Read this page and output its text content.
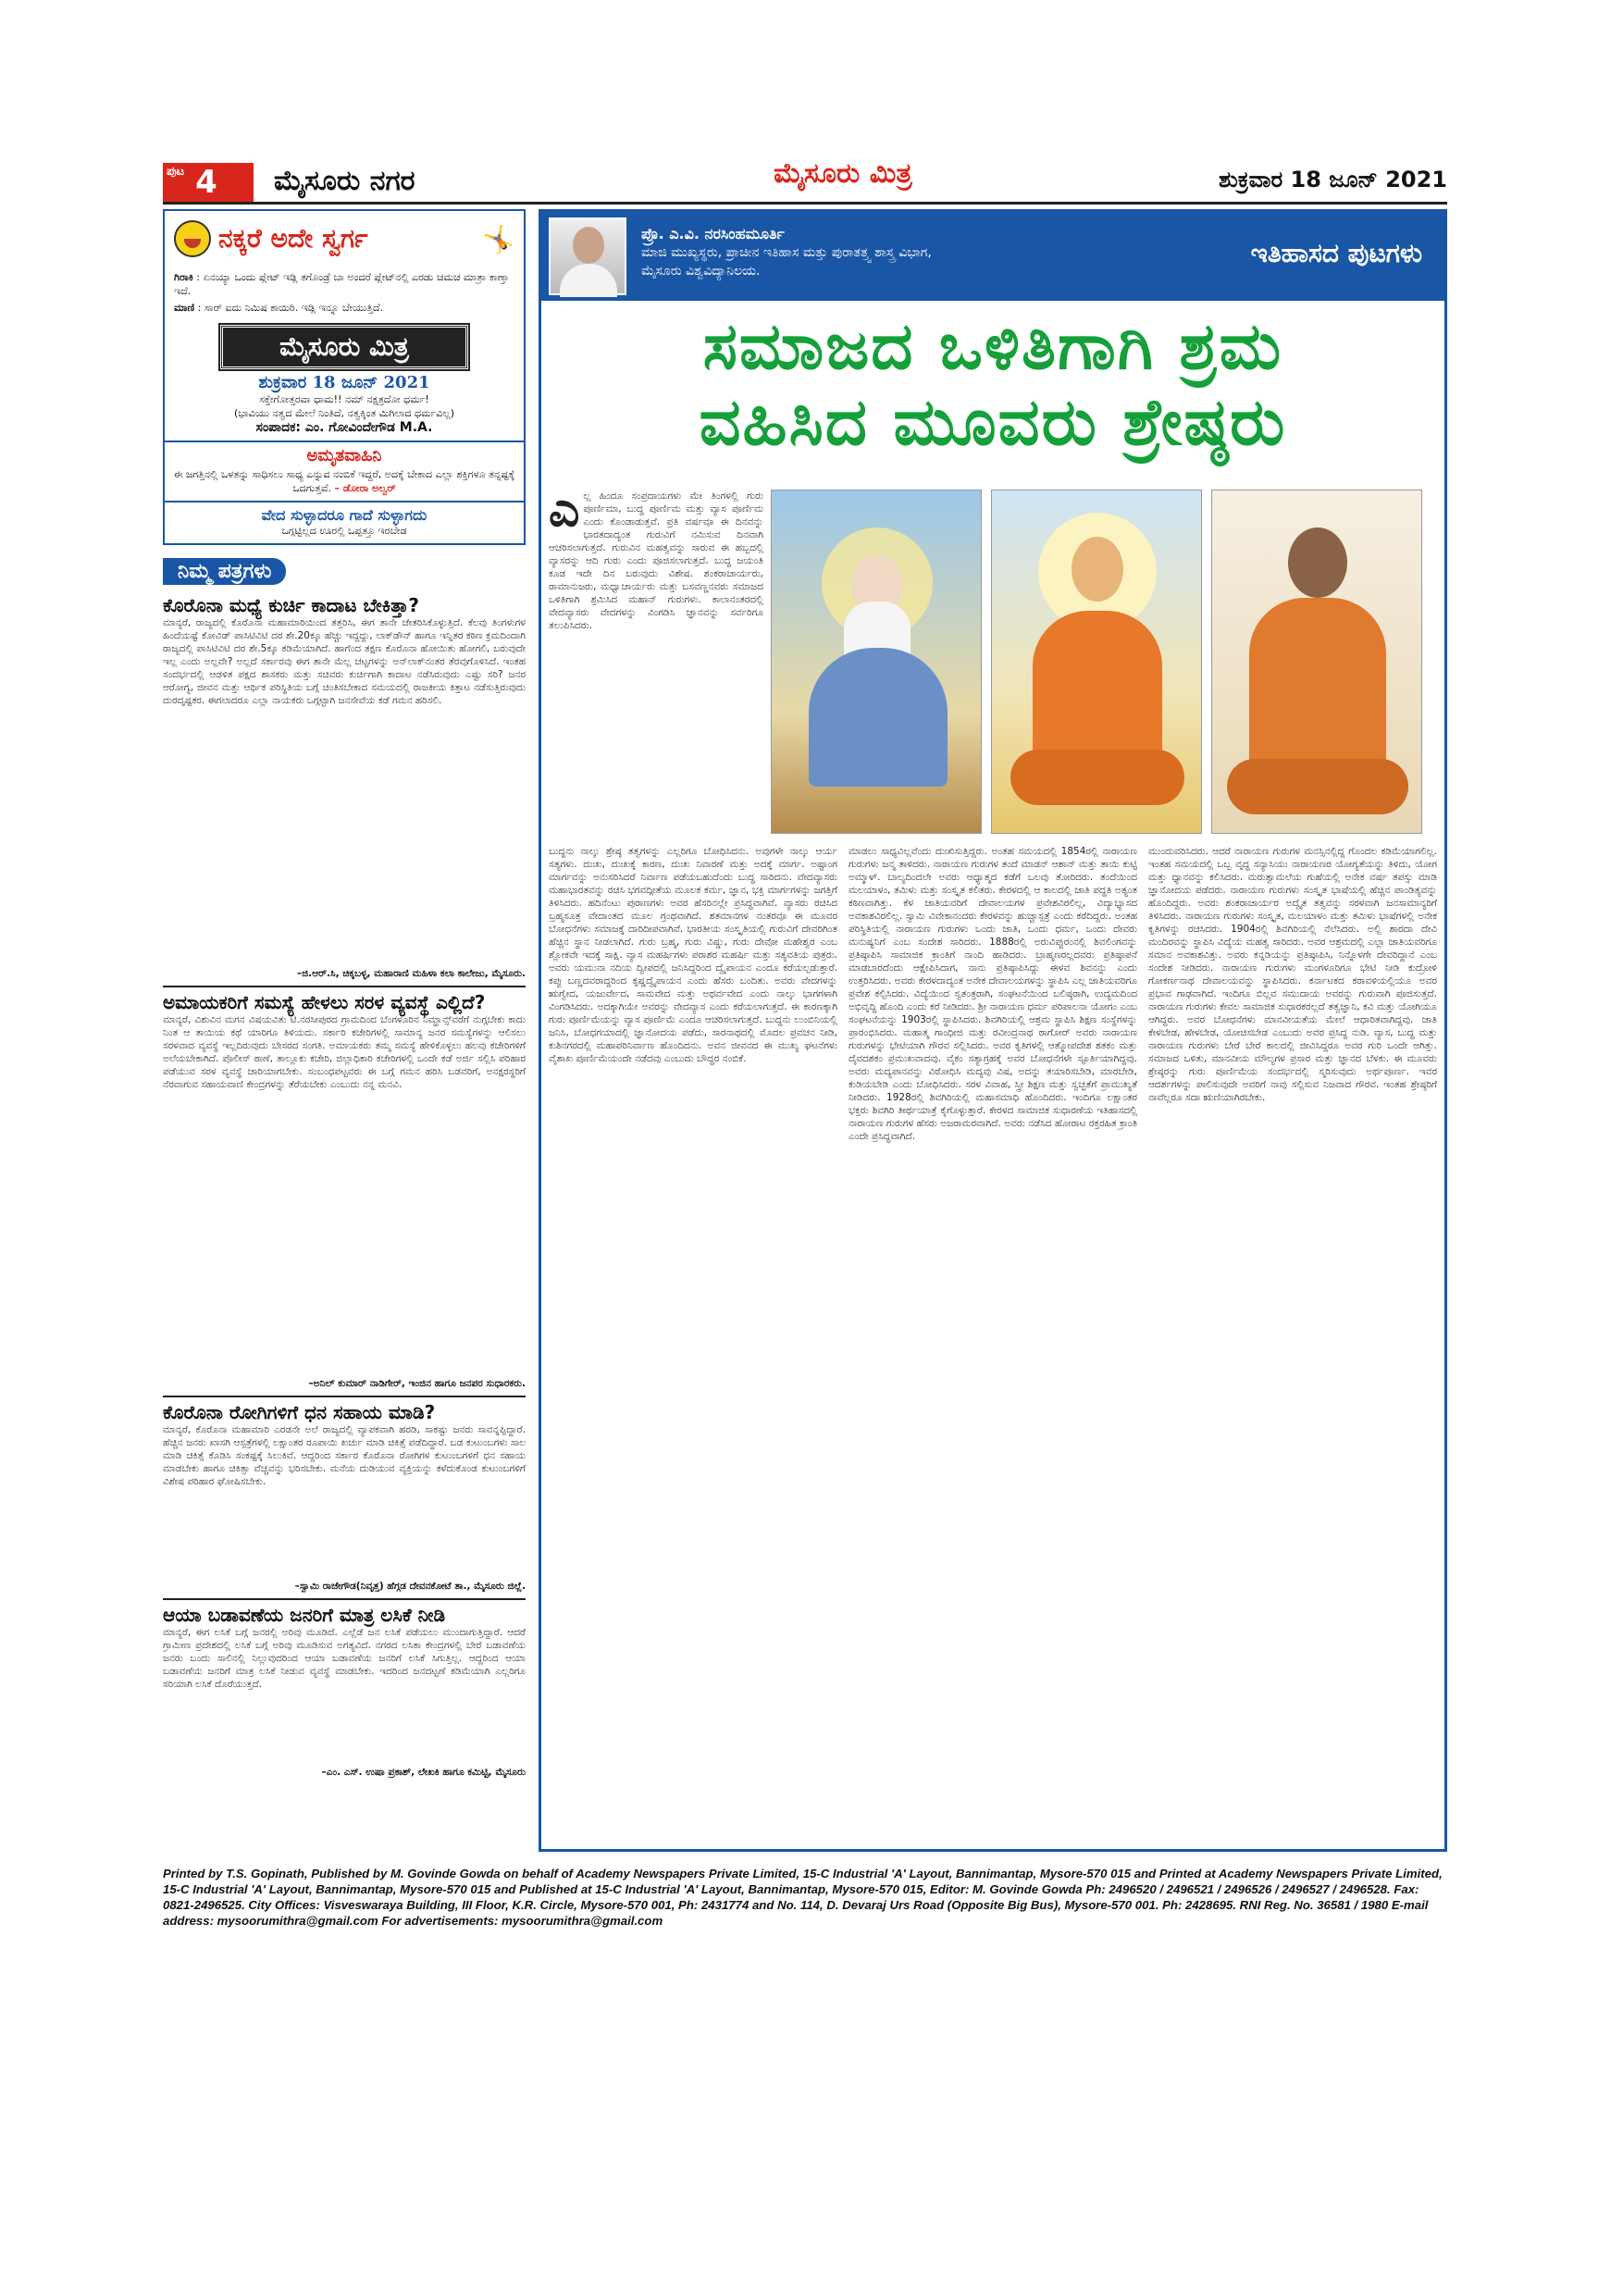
ಪುಟ 4 ಮೈಸೂರು ನಗರ	ಮೈಸೂರು ಮಿತ್ರ	ಶುಕ್ರವಾರ 18 ಜೂನ್ 2021
ನಕ್ಕರೆ ಅದೇ ಸ್ವರ್ಗ	🤸
ಗಿರಾಕಿ : ಏನಯ್ಯಾ ಒಂದು ಪ್ಲೇಟ್ ಇಡ್ಲಿ ತಗೊಂಡ್ರೆ ಬಾ ಅಂದರೆ ಪ್ಲೇಟ್‌ನಲ್ಲಿ ಎರಡು ಚಮಚ ಮಾತ್ರಾ ಕಾಣ್ತಾ ಇದೆ.
ಮಾಣಿ : ಸಾರ್ ಐದು ನಿಮಿಷ ಕಾಯಿರಿ. ಇಡ್ಲಿ ಇನ್ನೂ ಬೇಯುತ್ತಿದೆ.
ಮೈಸೂರು ಮಿತ್ರ
ಶುಕ್ರವಾರ 18 ಜೂನ್ 2021
ಸಕ್ತೇಗೋತ್ತರವಾ ಧಾಮ!! ನಮ್ ನಕ್ಷತ್ರದೋ ಧರ್ಮ!
(ಭಾವಿಯು ನತ್ವದ ಮೇಲೆ ನಿಂತಿದೆ, ನತ್ವಕ್ಕಿಂತ ಮಿಗಿಲಾದ ಧರ್ಮವಿಲ್ಲ)
ಸಂಪಾದಕ: ಎಂ. ಗೋವಿಂದೇಗೌಡ M.A.
ಅಮೃತವಾಹಿನಿ
ಈ ಜಗತ್ತಿನಲ್ಲಿ ಒಳತನ್ನು ಸಾಧಿಸಲು ಸಾಧ್ಯ ಎನ್ನುವ ನಂಬಿಕೆ ಇದ್ದರೆ, ಅದಕ್ಕೆ ಬೇಕಾದ ಎಲ್ಲಾ ಶಕ್ತಿಗಳೂ ತನ್ನಷ್ಟಕ್ಕೆ ಒದಗುತ್ತವೆ. – ಡೋರಾ ಅಲ್ವರ್
ವೇದ ಸುಳ್ಳಾದರೂ ಗಾದೆ ಸುಳ್ಳಾಗದು
ಒಗ್ಗಟ್ಟಿಲ್ಲದ ಊರಲ್ಲಿ ಒಪ್ಪತ್ತೂ ಇರಬೇಡ
ನಿಮ್ಮ ಪತ್ರಗಳು
ಕೊರೊನಾ ಮಧ್ಯೆ ಕುರ್ಚಿ ಕಾದಾಟ ಬೇಕಿತ್ತಾ?
ಮಾನ್ಯರೆ, ರಾಜ್ಯದಲ್ಲಿ ಕೊರೊನಾ ಮಹಾಮಾರಿಯಿಂದ ತತ್ತರಿಸಿ, ಈಗ ತಾನೇ ಚೇತರಿಸಿಕೊಳ್ಳುತ್ತಿದೆ. ಕೆಲವು ತಿಂಗಳುಗಳ ಹಿಂದೆಯಷ್ಟೆ ಕೋವಿಡ್ ಪಾಸಿಟಿವಿಟಿ ದರ ಶೇ.20ಕ್ಕೂ ಹೆಚ್ಚು ಇದ್ದದ್ದು, ಲಾಕ್‌ಡೌನ್ ಹಾಗೂ ಇನ್ನಿತರ ಕಠಿಣ ಕ್ರಮದಿಂದಾಗಿ ರಾಜ್ಯದಲ್ಲಿ ಪಾಸಿಟಿವಿಟಿ ದರ ಶೇ.5ಕ್ಕೂ ಕಡಿಮೆಯಾಗಿದೆ. ಹಾಗೆಂದ ತಕ್ಷಣ ಕೊರೊನಾ ಹೋಯಿತು ಹೋಗಲಿ, ಬರುವುದೇ ಇಲ್ಲ ಎಂದು ಅಲ್ಲವೇ? ಅಲ್ಲದೆ ಸರ್ಕಾರವು ಈಗ ತಾನೇ ಮೆಲ್ಲ ಚಟ್ಟಗಳನ್ನು ಅನ್‌ಲಾಕ್‌ನಂತರ ತೆರವುಗೊಳಿಸಿದೆ. ಇಂತಹ ಸಂದರ್ಭದಲ್ಲಿ ಆಡಳಿತ ಪಕ್ಷದ ಶಾಸಕರು ಮತ್ತು ಸಚಿವರು ಕುರ್ಚಿಗಾಗಿ ಕಾದಾಟ ನಡೆಸಿರುವುದು ಎಷ್ಟು ಸರಿ? ಜನರ ಆರೋಗ್ಯ, ಜೀವನ ಮತ್ತು ಆರ್ಥಿಕ ಪರಿಸ್ಥಿತಿಯ ಬಗ್ಗೆ ಚಿಂತಿಸಬೇಕಾದ ಸಮಯದಲ್ಲಿ ರಾಜಕೀಯ ಕಿತ್ತಾಟ ನಡೆಸುತ್ತಿರುವುದು ದುರದೃಷ್ಟಕರ. ಈಗಲಾದರೂ ಎಲ್ಲಾ ನಾಯಕರು ಒಗ್ಗಟ್ಟಾಗಿ ಜನಸೇವೆಯ ಕಡೆ ಗಮನ ಹರಿಸಲಿ.
–ಜಿ.ಆರ್.ಸಿ, ಚಿಕ್ಕಬಳ್ಳ, ಮಹಾರಾಣಿ ಮಹಿಳಾ ಕಲಾ ಕಾಲೇಜು, ಮೈಸೂರು.
ಅಮಾಯಕರಿಗೆ ಸಮಸ್ಯೆ ಹೇಳಲು ಸರಳ ವ್ಯವಸ್ಥೆ ಎಲ್ಲಿದೆ?
ಮಾನ್ಯರೆ, ವಿಶುವಿನ ಮಗನ ವಿಷಯವಿತು ಟಿ.ನರಸೀಪುರದ ಗ್ರಾಮದಿಂದ ಬೆಂಗಳೂರಿನ ನಿಮ್ಹಾನ್ಸ್‌ವರೆಗೆ ನುಗ್ಗಬೇಕು ಕಾದು ನಿಂತ ಆ ತಾಯಿಯ ಕಥೆ ಯಾರಿಗೂ ತಿಳಿಯದು. ಸರ್ಕಾರಿ ಕಚೇರಿಗಳಲ್ಲಿ ಸಾಮಾನ್ಯ ಜನರ ಸಮಸ್ಯೆಗಳನ್ನು ಆಲಿಸಲು ಸರಳವಾದ ವ್ಯವಸ್ಥೆ ಇಲ್ಲದಿರುವುದು ಬೇಸರದ ಸಂಗತಿ. ಅಮಾಯಕರು ತಮ್ಮ ಸಮಸ್ಯೆ ಹೇಳಿಕೊಳ್ಳಲು ಹಲವು ಕಚೇರಿಗಳಿಗೆ ಅಲೆಯಬೇಕಾಗಿದೆ. ಪೊಲೀಸ್ ಠಾಣೆ, ತಾಲ್ಲೂಕು ಕಚೇರಿ, ಜಿಲ್ಲಾಧಿಕಾರಿ ಕಚೇರಿಗಳಲ್ಲಿ ಒಂದೇ ಕಡೆ ಅರ್ಜಿ ಸಲ್ಲಿಸಿ ಪರಿಹಾರ ಪಡೆಯುವ ಸರಳ ವ್ಯವಸ್ಥೆ ಜಾರಿಯಾಗಬೇಕು. ಸಂಬಂಧಪಟ್ಟವರು ಈ ಬಗ್ಗೆ ಗಮನ ಹರಿಸಿ ಬಡವರಿಗೆ, ಅನಕ್ಷರಸ್ಥರಿಗೆ ನೆರವಾಗುವ ಸಹಾಯವಾಣಿ ಕೇಂದ್ರಗಳನ್ನು ತೆರೆಯಬೇಕು ಎಂಬುದು ನನ್ನ ಮನವಿ.
–ಅನಿಲ್ ಕುಮಾರ್ ನಾಡಿಗೇರ್, ಇಂಜಿನ ಹಾಗೂ ಜನಪರ ಸುಧಾರಕರು.
ಕೊರೊನಾ ರೋಗಿಗಳಿಗೆ ಧನ ಸಹಾಯ ಮಾಡಿ?
ಮಾನ್ಯರೆ, ಕೊರೊನಾ ಮಹಾಮಾರಿ ಎರಡನೇ ಅಲೆ ರಾಜ್ಯದಲ್ಲಿ ವ್ಯಾಪಕವಾಗಿ ಹರಡಿ, ಸಾಕಷ್ಟು ಜನರು ಸಾವನ್ನಪ್ಪಿದ್ದಾರೆ. ಹೆಚ್ಚಿನ ಜನರು ಖಾಸಗಿ ಆಸ್ಪತ್ರೆಗಳಲ್ಲಿ ಲಕ್ಷಾಂತರ ರೂಪಾಯಿ ಖರ್ಚು ಮಾಡಿ ಚಿಕಿತ್ಸೆ ಪಡೆದಿದ್ದಾರೆ. ಬಡ ಕುಟುಂಬಗಳು ಸಾಲ ಮಾಡಿ ಚಿಕಿತ್ಸೆ ಕೊಡಿಸಿ ಸಂಕಷ್ಟಕ್ಕೆ ಸಿಲುಕಿವೆ. ಆದ್ದರಿಂದ ಸರ್ಕಾರ ಕೊರೊನಾ ರೋಗಿಗಳ ಕುಟುಂಬಗಳಿಗೆ ಧನ ಸಹಾಯ ಮಾಡಬೇಕು ಹಾಗೂ ಚಿಕಿತ್ಸಾ ವೆಚ್ಚವನ್ನು ಭರಿಸಬೇಕು. ಮನೆಯ ದುಡಿಯುವ ವ್ಯಕ್ತಿಯನ್ನು ಕಳೆದುಕೊಂಡ ಕುಟುಂಬಗಳಿಗೆ ವಿಶೇಷ ಪರಿಹಾರ ಘೋಷಿಸಬೇಕು.
–ಸ್ವಾಮಿ ರಾಜೇಗೌಡ(ನಿವೃತ್ತ) ಹೆಗ್ಗಡ ದೇವನಕೋಟೆ ತಾ., ಮೈಸೂರು ಜಿಲ್ಲೆ.
ಆಯಾ ಬಡಾವಣೆಯ ಜನರಿಗೆ ಮಾತ್ರ ಲಸಿಕೆ ನೀಡಿ
ಮಾನ್ಯರೆ, ಈಗ ಲಸಿಕೆ ಬಗ್ಗೆ ಜನರಲ್ಲಿ ಅರಿವು ಮೂಡಿದೆ. ಎಲ್ಲೆಡೆ ಜನ ಲಸಿಕೆ ಪಡೆಯಲು ಮುಂದಾಗುತ್ತಿದ್ದಾರೆ. ಆದರೆ ಗ್ರಾಮೀಣ ಪ್ರದೇಶದಲ್ಲಿ ಲಸಿಕೆ ಬಗ್ಗೆ ಅರಿವು ಮೂಡಿಸುವ ಅಗತ್ಯವಿದೆ. ನಗರದ ಲಸಿಕಾ ಕೇಂದ್ರಗಳಲ್ಲಿ ಬೇರೆ ಬಡಾವಣೆಯ ಜನರು ಬಂದು ಸಾಲಿನಲ್ಲಿ ನಿಲ್ಲುವುದರಿಂದ ಆಯಾ ಬಡಾವಣೆಯ ಜನರಿಗೆ ಲಸಿಕೆ ಸಿಗುತ್ತಿಲ್ಲ. ಆದ್ದರಿಂದ ಆಯಾ ಬಡಾವಣೆಯ ಜನರಿಗೆ ಮಾತ್ರ ಲಸಿಕೆ ನೀಡುವ ವ್ಯವಸ್ಥೆ ಮಾಡಬೇಕು. ಇದರಿಂದ ಜನದಟ್ಟಣೆ ಕಡಿಮೆಯಾಗಿ ಎಲ್ಲರಿಗೂ ಸರಿಯಾಗಿ ಲಸಿಕೆ ದೊರೆಯುತ್ತದೆ.
–ಎಂ. ಎಸ್. ಉಷಾ ಪ್ರಕಾಶ್, ಲೇಖಕಿ ಹಾಗೂ ಕಮಿಟ್ಟಿ, ಮೈಸೂರು
ಪ್ರೊ. ಎ.ವಿ. ನರಸಿಂಹಮೂರ್ತಿ
ಮಾಜಿ ಮುಖ್ಯಸ್ಥರು, ಪ್ರಾಚೀನ ಇತಿಹಾಸ ಮತ್ತು ಪುರಾತತ್ತ್ವ ಶಾಸ್ತ್ರ ವಿಭಾಗ,
ಮೈಸೂರು ವಿಶ್ವವಿದ್ಯಾನಿಲಯ.
ಇತಿಹಾಸದ ಪುಟಗಳು
ಸಮಾಜದ ಒಳಿತಿಗಾಗಿ ಶ್ರಮ
ವಹಿಸಿದ ಮೂವರು ಶ್ರೇಷ್ಠರು
ಎಲ್ಲ ಹಿಂದೂ ಸಂಪ್ರದಾಯಗಳು ಮೇ ತಿಂಗಳಲ್ಲಿ ಗುರು ಪೂರ್ಣಿಮಾ, ಬುದ್ಧ ಪೂರ್ಣಿಮ ಮತ್ತು ವ್ಯಾಸ ಪೂರ್ಣಿಮ ಎಂದು ಕೊಂಡಾಡುತ್ತವೆ. ಪ್ರತಿ ವರ್ಷವೂ ಈ ದಿನವನ್ನು ಭಾರತದಾದ್ಯಂತ ಗುರುವಿಗೆ ನಮಿಸುವ ದಿನವಾಗಿ ಆಚರಿಸಲಾಗುತ್ತದೆ. ಗುರುವಿನ ಮಹತ್ವವನ್ನು ಸಾರುವ ಈ ಹಬ್ಬದಲ್ಲಿ ವ್ಯಾಸರನ್ನು ಆದಿ ಗುರು ಎಂದು ಪೂಜಿಸಲಾಗುತ್ತದೆ. ಬುದ್ಧ ಜಯಂತಿ ಕೂಡ ಇದೇ ದಿನ ಬರುವುದು ವಿಶೇಷ. ಶಂಕರಾಚಾರ್ಯರು, ರಾಮಾನುಜರು, ಮಧ್ವಾಚಾರ್ಯರು ಮತ್ತು ಬಸವಣ್ಣನವರು ಸಮಾಜದ ಒಳಿತಿಗಾಗಿ ಶ್ರಮಿಸಿದ ಮಹಾನ್ ಗುರುಗಳು. ಕಾಲಾನಂತರದಲ್ಲಿ ವೇದವ್ಯಾಸರು ವೇದಗಳನ್ನು ವಿಂಗಡಿಸಿ ಜ್ಞಾನವನ್ನು ಸರ್ವರಿಗೂ ತಲುಪಿಸಿದರು.
ಬುದ್ಧನು ನಾಲ್ಕು ಶ್ರೇಷ್ಠ ತತ್ವಗಳನ್ನು ಎಲ್ಲರಿಗೂ ಬೋಧಿಸಿದನು. ಅವುಗಳೇ ನಾಲ್ಕು ಆರ್ಯ ಸತ್ಯಗಳು. ದುಃಖ, ದುಃಖಕ್ಕೆ ಕಾರಣ, ದುಃಖ ನಿವಾರಣೆ ಮತ್ತು ಅದಕ್ಕೆ ಮಾರ್ಗ. ಅಷ್ಟಾಂಗ ಮಾರ್ಗವನ್ನು ಅನುಸರಿಸಿದರೆ ನಿರ್ವಾಣ ಪಡೆಯಬಹುದೆಂದು ಬುದ್ಧ ಸಾರಿದನು. ವೇದವ್ಯಾಸರು ಮಹಾಭಾರತವನ್ನು ರಚಿಸಿ ಭಗವದ್ಗೀತೆಯ ಮೂಲಕ ಕರ್ಮ, ಜ್ಞಾನ, ಭಕ್ತಿ ಮಾರ್ಗಗಳನ್ನು ಜಗತ್ತಿಗೆ ತಿಳಿಸಿದರು. ಹದಿನೆಂಟು ಪುರಾಣಗಳು ಅವರ ಹೆಸರಿನಲ್ಲೇ ಪ್ರಸಿದ್ಧವಾಗಿವೆ. ವ್ಯಾಸರು ರಚಿಸಿದ ಬ್ರಹ್ಮಸೂತ್ರ ವೇದಾಂತದ ಮೂಲ ಗ್ರಂಥವಾಗಿದೆ. ಶತಮಾನಗಳ ನಂತರವೂ ಈ ಮೂವರ ಬೋಧನೆಗಳು ಸಮಾಜಕ್ಕೆ ದಾರಿದೀಪವಾಗಿವೆ. ಭಾರತೀಯ ಸಂಸ್ಕೃತಿಯಲ್ಲಿ ಗುರುವಿಗೆ ದೇವರಿಗಿಂತ ಹೆಚ್ಚಿನ ಸ್ಥಾನ ನೀಡಲಾಗಿದೆ. ಗುರು ಬ್ರಹ್ಮ, ಗುರು ವಿಷ್ಣು, ಗುರು ದೇವೋ ಮಹೇಶ್ವರ ಎಂಬ ಶ್ಲೋಕವೇ ಇದಕ್ಕೆ ಸಾಕ್ಷಿ. ವ್ಯಾಸ ಮಹರ್ಷಿಗಳು ಪರಾಶರ ಮಹರ್ಷಿ ಮತ್ತು ಸತ್ಯವತಿಯ ಪುತ್ರರು. ಅವರು ಯಮುನಾ ನದಿಯ ದ್ವೀಪದಲ್ಲಿ ಜನಿಸಿದ್ದರಿಂದ ದ್ವೈಪಾಯನ ಎಂದೂ ಕರೆಯಲ್ಪಡುತ್ತಾರೆ. ಕಪ್ಪು ಬಣ್ಣದವರಾದ್ದರಿಂದ ಕೃಷ್ಣದ್ವೈಪಾಯನ ಎಂದು ಹೆಸರು ಬಂದಿತು. ಅವರು ವೇದಗಳನ್ನು ಋಗ್ವೇದ, ಯಜುರ್ವೇದ, ಸಾಮವೇದ ಮತ್ತು ಅಥರ್ವವೇದ ಎಂದು ನಾಲ್ಕು ಭಾಗಗಳಾಗಿ ವಿಂಗಡಿಸಿದರು. ಅದಕ್ಕಾಗಿಯೇ ಅವರನ್ನು ವೇದವ್ಯಾಸ ಎಂದು ಕರೆಯಲಾಗುತ್ತದೆ. ಈ ಕಾರಣಕ್ಕಾಗಿ ಗುರು ಪೂರ್ಣಿಮೆಯನ್ನು ವ್ಯಾಸ ಪೂರ್ಣಿಮೆ ಎಂದೂ ಆಚರಿಸಲಾಗುತ್ತದೆ. ಬುದ್ಧನು ಲುಂಬಿನಿಯಲ್ಲಿ ಜನಿಸಿ, ಬೋಧಗಯಾದಲ್ಲಿ ಜ್ಞಾನೋದಯ ಪಡೆದು, ಸಾರನಾಥದಲ್ಲಿ ಮೊದಲ ಪ್ರವಚನ ನೀಡಿ, ಕುಶಿನಗರದಲ್ಲಿ ಮಹಾಪರಿನಿರ್ವಾಣ ಹೊಂದಿದನು. ಅವನ ಜೀವನದ ಈ ಮುಖ್ಯ ಘಟನೆಗಳು ವೈಶಾಖ ಪೂರ್ಣಿಮೆಯಂದೇ ನಡೆದವು ಎಂಬುದು ಬೌದ್ಧರ ನಂಬಿಕೆ.
ಮಾಡಲು ಸಾಧ್ಯವಿಲ್ಲವೆಂದು ದುಃಖಿಸುತ್ತಿದ್ದರು. ಅಂತಹ ಸಮಯದಲ್ಲಿ 1854ರಲ್ಲಿ ನಾರಾಯಣ ಗುರುಗಳು ಜನ್ಮ ತಾಳಿದರು. ನಾರಾಯಣ ಗುರುಗಳ ತಂದೆ ಮಾಡನ್ ಆಶಾನ್ ಮತ್ತು ತಾಯಿ ಕುಟ್ಟಿ ಅಮ್ಮಾಳ್. ಬಾಲ್ಯದಿಂದಲೇ ಅವರು ಆಧ್ಯಾತ್ಮದ ಕಡೆಗೆ ಒಲವು ತೋರಿದರು. ತಂದೆಯಿಂದ ಮಲಯಾಳಂ, ತಮಿಳು ಮತ್ತು ಸಂಸ್ಕೃತ ಕಲಿತರು. ಕೇರಳದಲ್ಲಿ ಆ ಕಾಲದಲ್ಲಿ ಜಾತಿ ಪದ್ಧತಿ ಅತ್ಯಂತ ಕಠಿಣವಾಗಿತ್ತು. ಕೆಳ ಜಾತಿಯವರಿಗೆ ದೇವಾಲಯಗಳ ಪ್ರವೇಶವಿರಲಿಲ್ಲ, ವಿದ್ಯಾಭ್ಯಾಸದ ಅವಕಾಶವಿರಲಿಲ್ಲ. ಸ್ವಾಮಿ ವಿವೇಕಾನಂದರು ಕೇರಳವನ್ನು ಹುಚ್ಚಾಸ್ಪತ್ರೆ ಎಂದು ಕರೆದಿದ್ದರು. ಅಂತಹ ಪರಿಸ್ಥಿತಿಯಲ್ಲಿ ನಾರಾಯಣ ಗುರುಗಳು ಒಂದು ಜಾತಿ, ಒಂದು ಧರ್ಮ, ಒಂದು ದೇವರು ಮನುಷ್ಯನಿಗೆ ಎಂಬ ಸಂದೇಶ ಸಾರಿದರು. 1888ರಲ್ಲಿ ಅರುವಿಪ್ಪುರಂನಲ್ಲಿ ಶಿವಲಿಂಗವನ್ನು ಪ್ರತಿಷ್ಠಾಪಿಸಿ ಸಾಮಾಜಿಕ ಕ್ರಾಂತಿಗೆ ನಾಂದಿ ಹಾಡಿದರು. ಬ್ರಾಹ್ಮಣರಲ್ಲದವರು ಪ್ರತಿಷ್ಠಾಪನೆ ಮಾಡಬಾರದೆಂದು ಆಕ್ಷೇಪಿಸಿದಾಗ, ನಾನು ಪ್ರತಿಷ್ಠಾಪಿಸಿದ್ದು ಈಳವ ಶಿವನನ್ನು ಎಂದು ಉತ್ತರಿಸಿದರು. ಅವರು ಕೇರಳದಾದ್ಯಂತ ಅನೇಕ ದೇವಾಲಯಗಳನ್ನು ಸ್ಥಾಪಿಸಿ ಎಲ್ಲ ಜಾತಿಯವರಿಗೂ ಪ್ರವೇಶ ಕಲ್ಪಿಸಿದರು. ವಿದ್ಯೆಯಿಂದ ಸ್ವತಂತ್ರರಾಗಿ, ಸಂಘಟನೆಯಿಂದ ಬಲಿಷ್ಠರಾಗಿ, ಉದ್ಯಮದಿಂದ ಅಭಿವೃದ್ಧಿ ಹೊಂದಿ ಎಂದು ಕರೆ ನೀಡಿದರು. ಶ್ರೀ ನಾರಾಯಣ ಧರ್ಮ ಪರಿಪಾಲನಾ ಯೋಗಂ ಎಂಬ ಸಂಘಟನೆಯನ್ನು 1903ರಲ್ಲಿ ಸ್ಥಾಪಿಸಿದರು. ಶಿವಗಿರಿಯಲ್ಲಿ ಆಶ್ರಮ ಸ್ಥಾಪಿಸಿ ಶಿಕ್ಷಣ ಸಂಸ್ಥೆಗಳನ್ನು ಪ್ರಾರಂಭಿಸಿದರು. ಮಹಾತ್ಮ ಗಾಂಧೀಜಿ ಮತ್ತು ರವೀಂದ್ರನಾಥ ಠಾಗೋರ್ ಅವರು ನಾರಾಯಣ ಗುರುಗಳನ್ನು ಭೇಟಿಯಾಗಿ ಗೌರವ ಸಲ್ಲಿಸಿದರು. ಅವರ ಕೃತಿಗಳಲ್ಲಿ ಆತ್ಮೋಪದೇಶ ಶತಕಂ ಮತ್ತು ದೈವದಶಕಂ ಪ್ರಮುಖವಾದವು. ವೈಕಂ ಸತ್ಯಾಗ್ರಹಕ್ಕೆ ಅವರ ಬೋಧನೆಗಳೇ ಸ್ಫೂರ್ತಿಯಾಗಿದ್ದವು. ಅವರು ಮದ್ಯಪಾನವನ್ನು ವಿರೋಧಿಸಿ ಮದ್ಯವು ವಿಷ, ಅದನ್ನು ತಯಾರಿಸಬೇಡಿ, ಮಾರಬೇಡಿ, ಕುಡಿಯಬೇಡಿ ಎಂದು ಬೋಧಿಸಿದರು. ಸರಳ ವಿವಾಹ, ಸ್ತ್ರೀ ಶಿಕ್ಷಣ ಮತ್ತು ಸ್ವಚ್ಛತೆಗೆ ಪ್ರಾಮುಖ್ಯತೆ ನೀಡಿದರು. 1928ರಲ್ಲಿ ಶಿವಗಿರಿಯಲ್ಲಿ ಮಹಾಸಮಾಧಿ ಹೊಂದಿದರು. ಇಂದಿಗೂ ಲಕ್ಷಾಂತರ ಭಕ್ತರು ಶಿವಗಿರಿ ತೀರ್ಥಯಾತ್ರೆ ಕೈಗೊಳ್ಳುತ್ತಾರೆ. ಕೇರಳದ ಸಾಮಾಜಿಕ ಸುಧಾರಣೆಯ ಇತಿಹಾಸದಲ್ಲಿ ನಾರಾಯಣ ಗುರುಗಳ ಹೆಸರು ಅಜರಾಮರವಾಗಿದೆ. ಅವರು ನಡೆಸಿದ ಹೋರಾಟ ರಕ್ತರಹಿತ ಕ್ರಾಂತಿ ಎಂದೇ ಪ್ರಸಿದ್ಧವಾಗಿದೆ.
ಮುಂದುವರಿಸಿದರು. ಆದರೆ ನಾರಾಯಣ ಗುರುಗಳ ಮನಸ್ಸಿನಲ್ಲಿದ್ದ ಗೊಂದಲ ಕಡಿಮೆಯಾಗಲಿಲ್ಲ. ಇಂತಹ ಸಮಯದಲ್ಲಿ ಒಬ್ಬ ವೃದ್ಧ ಸನ್ಯಾಸಿಯು ನಾರಾಯಣರ ಯೋಗ್ಯತೆಯನ್ನು ತಿಳಿದು, ಯೋಗ ಮತ್ತು ಧ್ಯಾನವನ್ನು ಕಲಿಸಿದರು. ಮರುತ್ವಾಮಲೆಯ ಗುಹೆಯಲ್ಲಿ ಅನೇಕ ವರ್ಷ ತಪಸ್ಸು ಮಾಡಿ ಜ್ಞಾನೋದಯ ಪಡೆದರು. ನಾರಾಯಣ ಗುರುಗಳು ಸಂಸ್ಕೃತ ಭಾಷೆಯಲ್ಲಿ ಹೆಚ್ಚಿನ ಪಾಂಡಿತ್ಯವನ್ನು ಹೊಂದಿದ್ದರು. ಅವರು ಶಂಕರಾಚಾರ್ಯರ ಅದ್ವೈತ ತತ್ವವನ್ನು ಸರಳವಾಗಿ ಜನಸಾಮಾನ್ಯರಿಗೆ ತಿಳಿಸಿದರು. ನಾರಾಯಣ ಗುರುಗಳು ಸಂಸ್ಕೃತ, ಮಲಯಾಳಂ ಮತ್ತು ತಮಿಳು ಭಾಷೆಗಳಲ್ಲಿ ಅನೇಕ ಕೃತಿಗಳನ್ನು ರಚಿಸಿದರು. 1904ರಲ್ಲಿ ಶಿವಗಿರಿಯಲ್ಲಿ ನೆಲೆಸಿದರು. ಅಲ್ಲಿ ಶಾರದಾ ದೇವಿ ಮಂದಿರವನ್ನು ಸ್ಥಾಪಿಸಿ ವಿದ್ಯೆಯ ಮಹತ್ವ ಸಾರಿದರು. ಅವರ ಆಶ್ರಮದಲ್ಲಿ ಎಲ್ಲಾ ಜಾತಿಯವರಿಗೂ ಸಮಾನ ಅವಕಾಶವಿತ್ತು. ಅವರು ಕನ್ನಡಿಯನ್ನು ಪ್ರತಿಷ್ಠಾಪಿಸಿ, ನಿನ್ನೊಳಗೇ ದೇವರಿದ್ದಾನೆ ಎಂಬ ಸಂದೇಶ ನೀಡಿದರು. ನಾರಾಯಣ ಗುರುಗಳು ಮಂಗಳೂರಿಗೂ ಭೇಟಿ ನೀಡಿ ಕುದ್ರೋಳಿ ಗೋಕರ್ಣನಾಥ ದೇವಾಲಯವನ್ನು ಸ್ಥಾಪಿಸಿದರು. ಕರ್ನಾಟಕದ ಕರಾವಳಿಯಲ್ಲಿಯೂ ಅವರ ಪ್ರಭಾವ ಗಾಢವಾಗಿದೆ. ಇಂದಿಗೂ ಬಿಲ್ಲವ ಸಮುದಾಯ ಅವರನ್ನು ಗುರುವಾಗಿ ಪೂಜಿಸುತ್ತದೆ. ನಾರಾಯಣ ಗುರುಗಳು ಕೇವಲ ಸಾಮಾಜಿಕ ಸುಧಾರಕರಲ್ಲದೆ ತತ್ವಜ್ಞಾನಿ, ಕವಿ ಮತ್ತು ಯೋಗಿಯೂ ಆಗಿದ್ದರು. ಅವರ ಬೋಧನೆಗಳು ಮಾನವೀಯತೆಯ ಮೇಲೆ ಆಧಾರಿತವಾಗಿದ್ದವು. ಜಾತಿ ಕೇಳಬೇಡ, ಹೇಳಬೇಡ, ಯೋಚಿಸಬೇಡ ಎಂಬುದು ಅವರ ಪ್ರಸಿದ್ಧ ನುಡಿ. ವ್ಯಾಸ, ಬುದ್ಧ ಮತ್ತು ನಾರಾಯಣ ಗುರುಗಳು ಬೇರೆ ಬೇರೆ ಕಾಲದಲ್ಲಿ ಜೀವಿಸಿದ್ದರೂ ಅವರ ಗುರಿ ಒಂದೇ ಆಗಿತ್ತು. ಸಮಾಜದ ಒಳಿತು, ಮಾನವೀಯ ಮೌಲ್ಯಗಳ ಪ್ರಸಾರ ಮತ್ತು ಜ್ಞಾನದ ಬೆಳಕು. ಈ ಮೂವರು ಶ್ರೇಷ್ಠರನ್ನು ಗುರು ಪೂರ್ಣಿಮೆಯ ಸಂದರ್ಭದಲ್ಲಿ ಸ್ಮರಿಸುವುದು ಅರ್ಥಪೂರ್ಣ. ಇವರ ಆದರ್ಶಗಳನ್ನು ಪಾಲಿಸುವುದೇ ಅವರಿಗೆ ನಾವು ಸಲ್ಲಿಸುವ ನಿಜವಾದ ಗೌರವ. ಇಂತಹ ಶ್ರೇಷ್ಠರಿಗೆ ನಾವೆಲ್ಲರೂ ಸದಾ ಋಣಿಯಾಗಿರಬೇಕು.
Printed by T.S. Gopinath, Published by M. Govinde Gowda on behalf of Academy Newspapers Private Limited, 15-C Industrial 'A' Layout, Bannimantap, Mysore-570 015 and Printed at Academy Newspapers Private Limited, 15-C Industrial 'A' Layout, Bannimantap, Mysore-570 015 and Published at 15-C Industrial 'A' Layout, Bannimantap, Mysore-570 015, Editor: M. Govinde Gowda Ph: 2496520 / 2496521 / 2496526 / 2496527 / 2496528. Fax: 0821-2496525. City Offices: Visveswaraya Building, III Floor, K.R. Circle, Mysore-570 001, Ph: 2431774 and No. 114, D. Devaraj Urs Road (Opposite Big Bus), Mysore-570 001. Ph: 2428695. RNI Reg. No. 36581 / 1980 E-mail address: mysoorumithra@gmail.com For advertisements: mysoorumithra@gmail.com
